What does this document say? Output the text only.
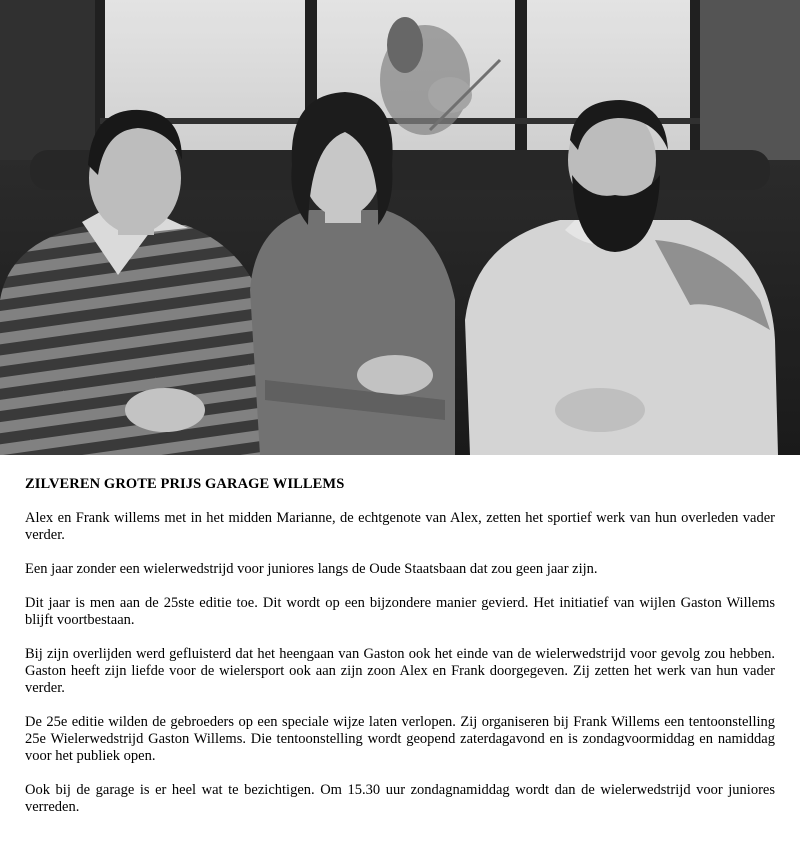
ZILVEREN GROTE PRIJS GARAGE WILLEMS

Alex en Frank willems met in het midden Marianne, de echtgenote van Alex, zetten het sportief werk van hun overleden vader verder.

Een jaar zonder een wielerwedstrijd voor juniores langs de Oude Staatsbaan dat zou geen jaar zijn.

Dit jaar is men aan de 25ste editie toe. Dit wordt op een bijzondere manier gevierd. Het initiatief van wijlen Gaston Willems blijft voortbestaan.

Bij zijn overlijden werd gefluisterd dat het heengaan van Gaston ook het einde van de wielerwedstrijd voor gevolg zou hebben. Gaston heeft zijn liefde voor de wielersport ook aan zijn zoon Alex en Frank doorgegeven. Zij zetten het werk van hun vader verder.

De 25e editie wilden de gebroeders op een speciale wijze laten verlopen. Zij organiseren bij Frank Willems een tentoonstelling 25e Wielerwedstrijd Gaston Willems. Die tentoonstelling wordt geopend zaterdagavond en is zondagvoormiddag en namiddag voor het publiek open.

Ook bij de garage is er heel wat te bezichtigen. Om 15.30 uur zondagnamiddag wordt dan de wielerwedstrijd voor juniores verreden.
